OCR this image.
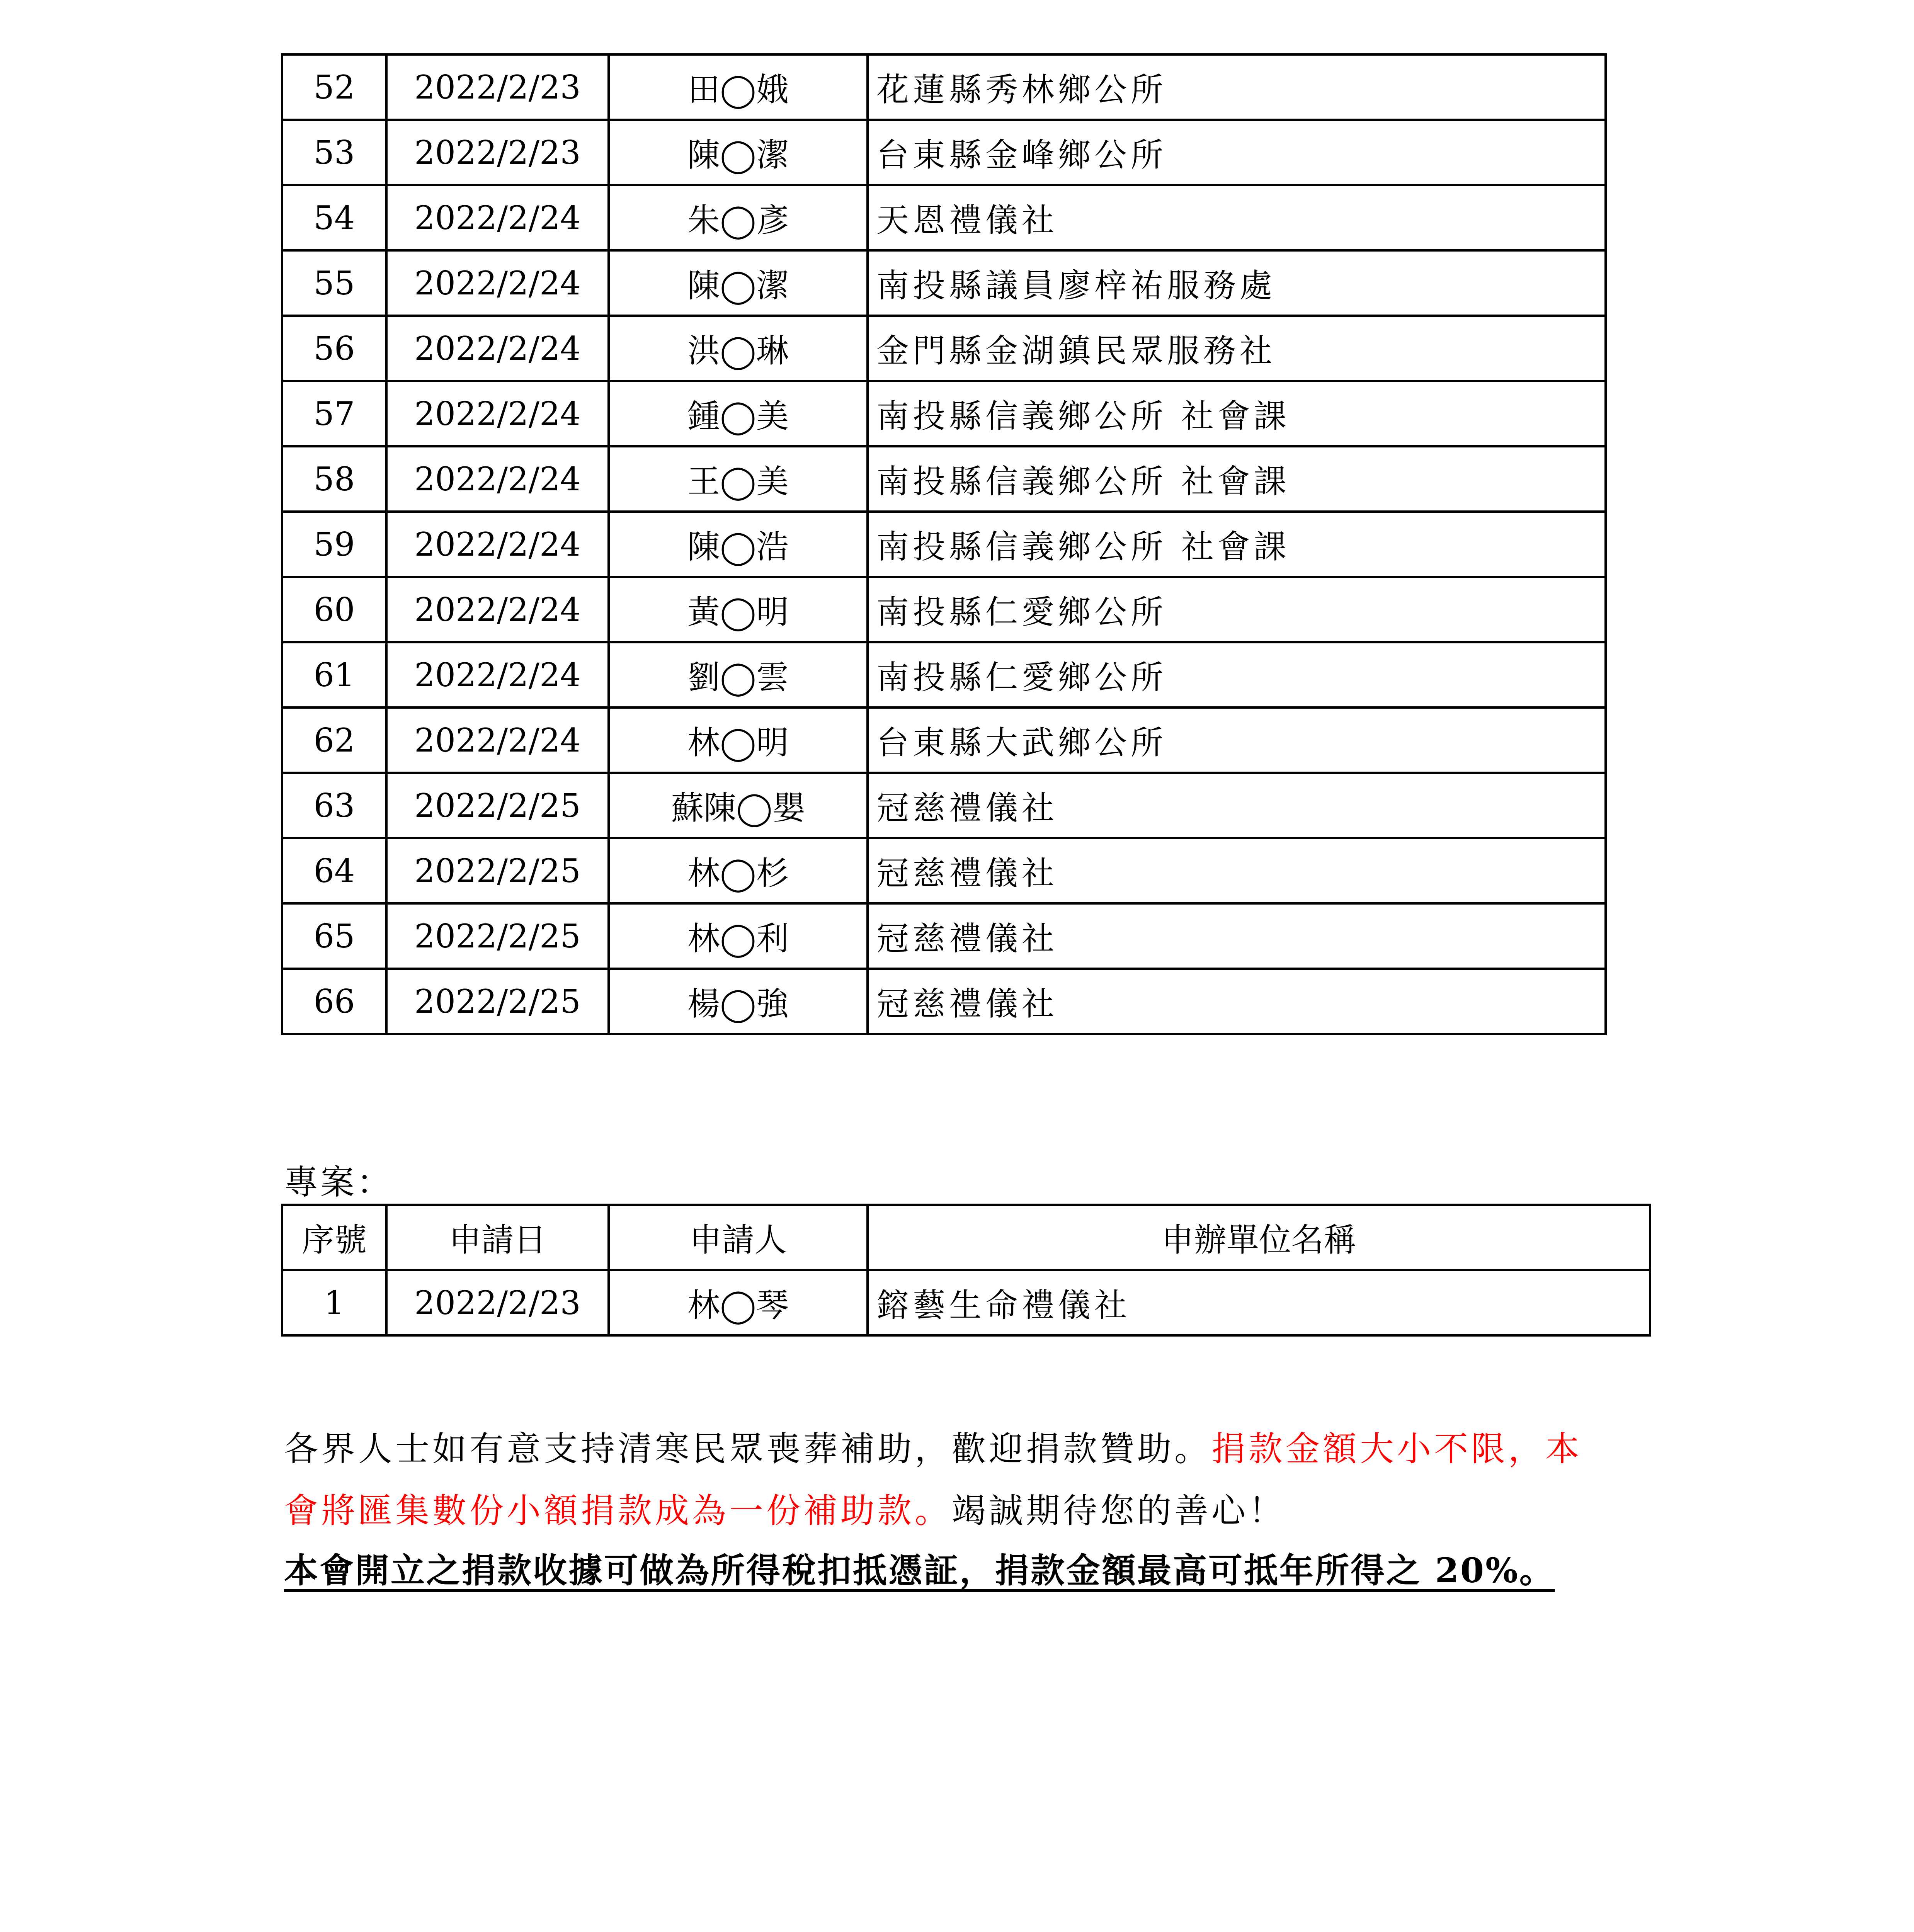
52	2022/2/23	田◯娥	花蓮縣秀林鄉公所
53	2022/2/23	陳◯潔	台東縣金峰鄉公所
54	2022/2/24	朱◯彥	天恩禮儀社
55	2022/2/24	陳◯潔	南投縣議員廖梓祐服務處
56	2022/2/24	洪◯琳	金門縣金湖鎮民眾服務社
57	2022/2/24	鍾◯美	南投縣信義鄉公所 社會課
58	2022/2/24	王◯美	南投縣信義鄉公所 社會課
59	2022/2/24	陳◯浩	南投縣信義鄉公所 社會課
60	2022/2/24	黃◯明	南投縣仁愛鄉公所
61	2022/2/24	劉◯雲	南投縣仁愛鄉公所
62	2022/2/24	林◯明	台東縣大武鄉公所
63	2022/2/25	蘇陳◯嬰	冠慈禮儀社
64	2022/2/25	林◯杉	冠慈禮儀社
65	2022/2/25	林◯利	冠慈禮儀社
66	2022/2/25	楊◯強	冠慈禮儀社
專案：
序號	申請日	申請人	申辦單位名稱
1	2022/2/23	林◯琴	鎔藝生命禮儀社
各界人士如有意支持清寒民眾喪葬補助，歡迎捐款贊助。捐款金額大小不限，本
會將匯集數份小額捐款成為一份補助款。竭誠期待您的善心！
本會開立之捐款收據可做為所得稅扣抵憑証，捐款金額最高可抵年所得之 20%。
